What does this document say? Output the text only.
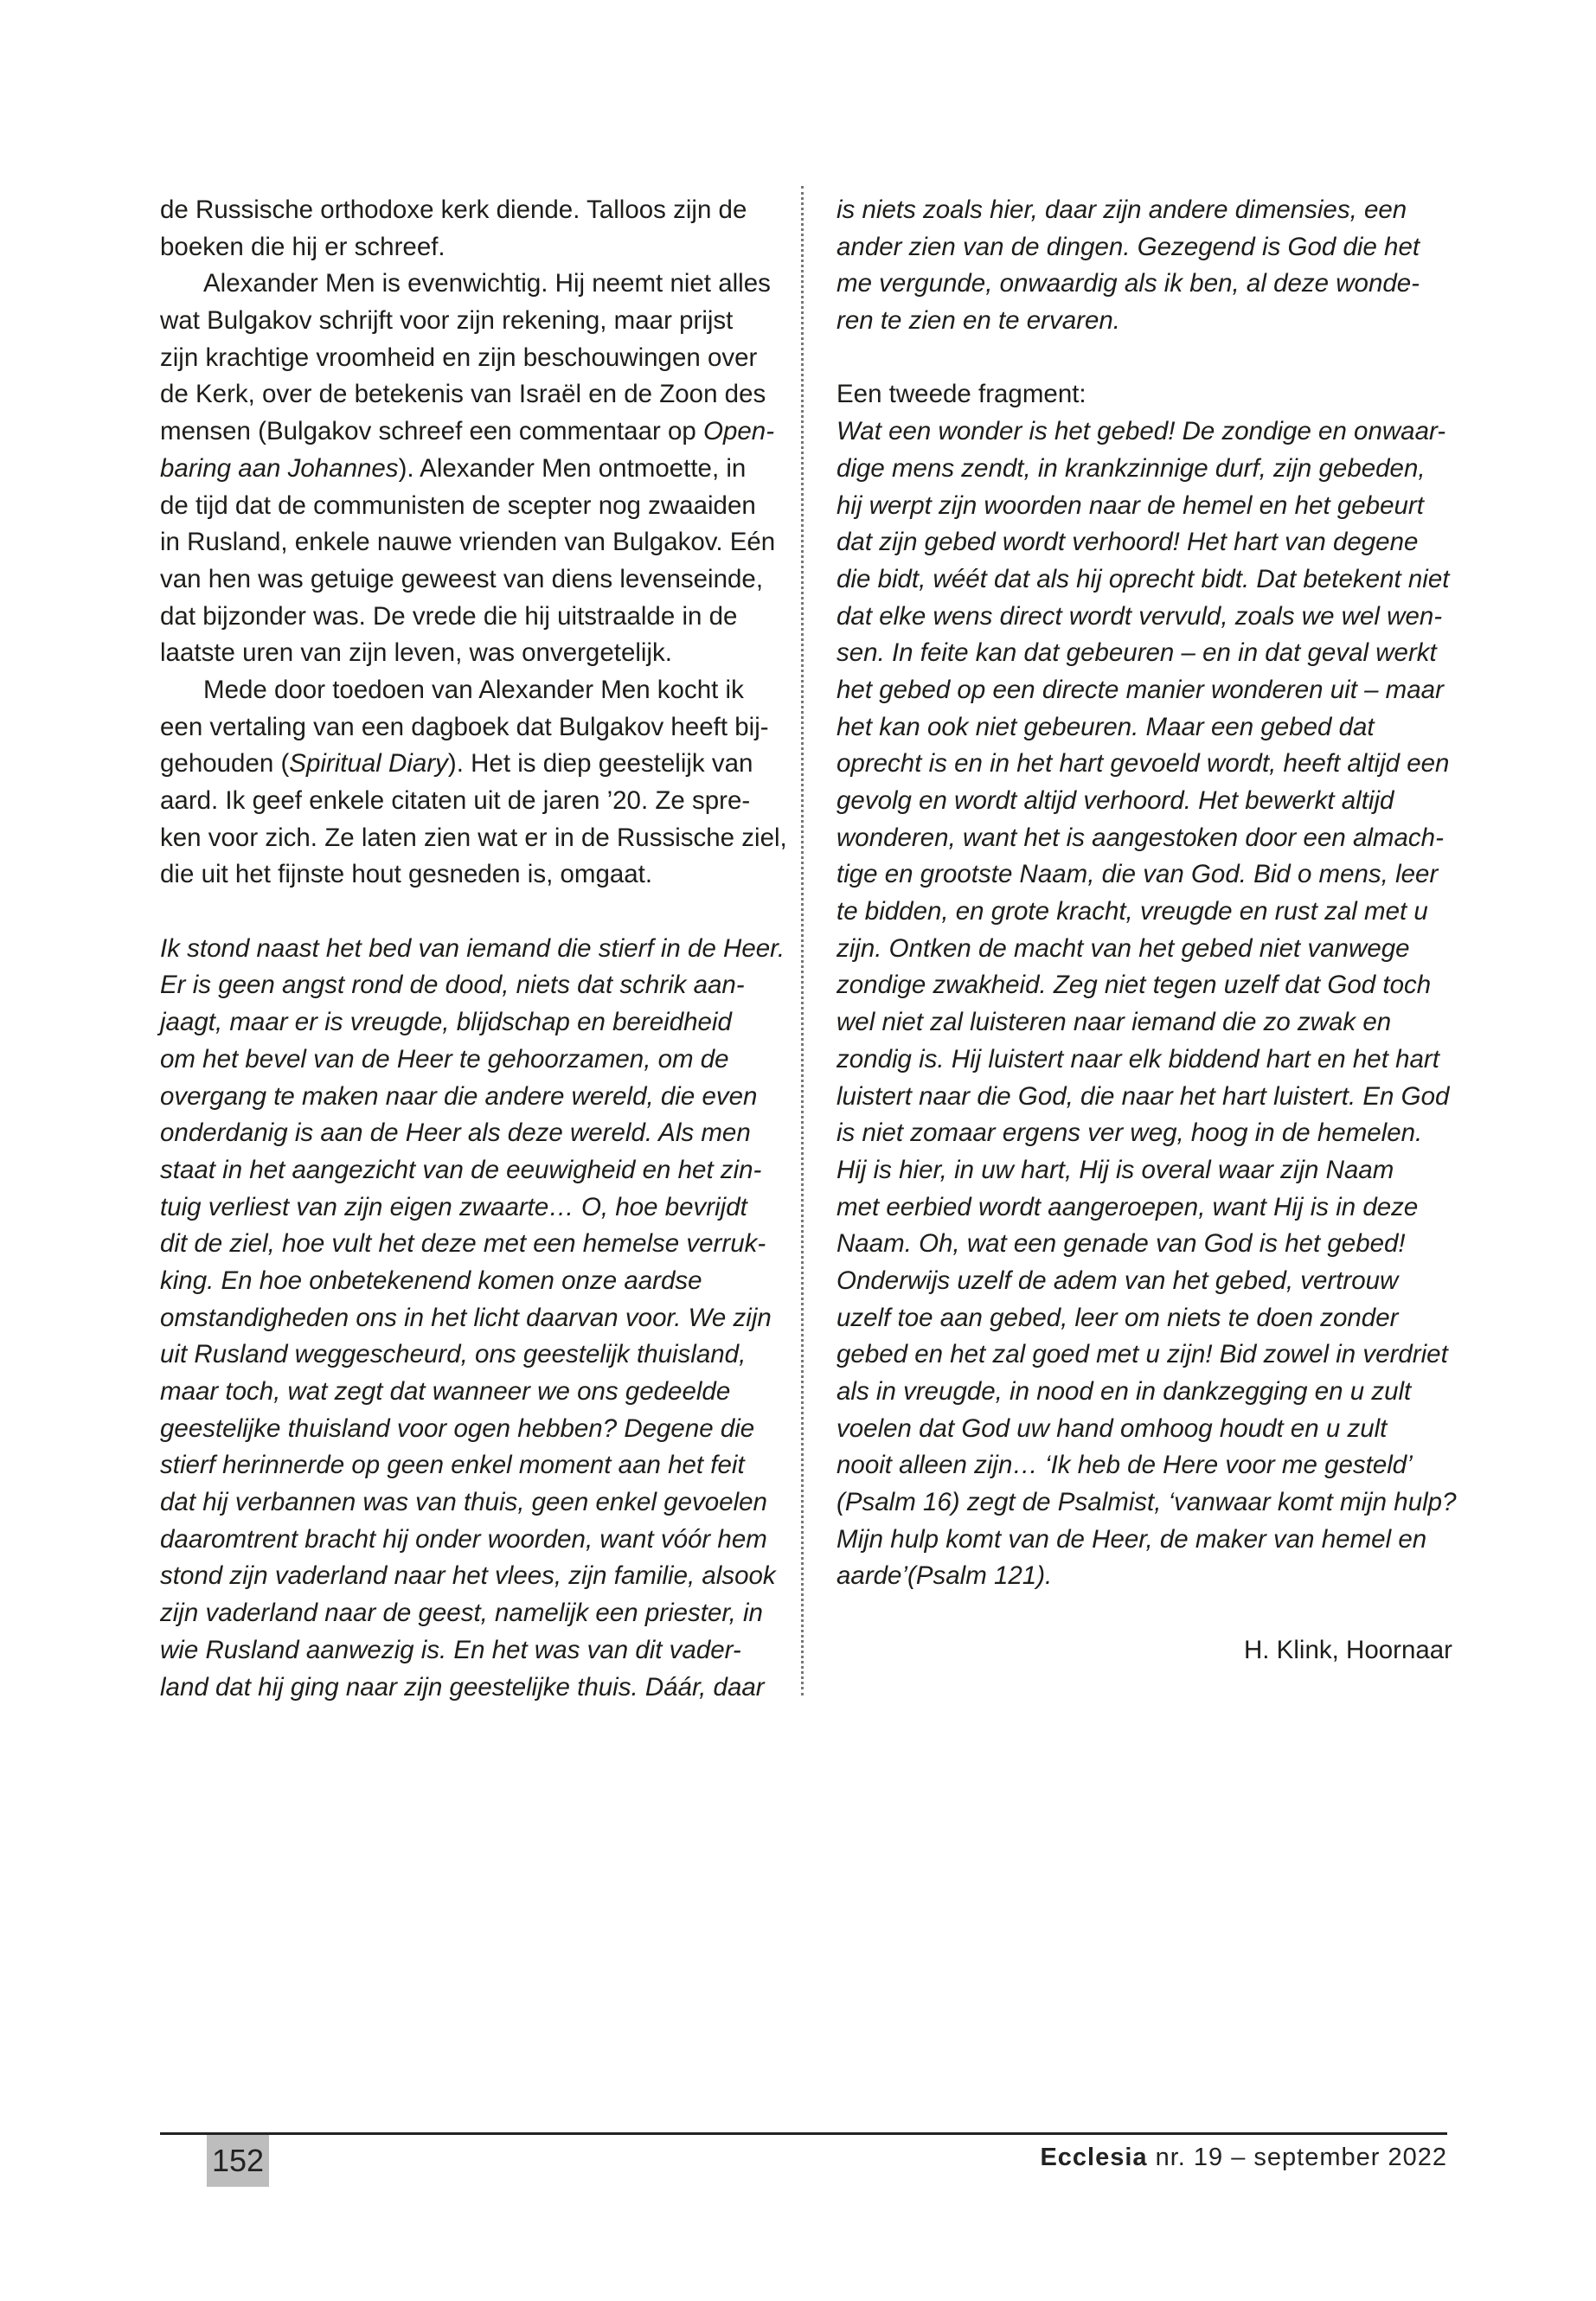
de Russische orthodoxe kerk diende. Talloos zijn de
boeken die hij er schreef.
Alexander Men is evenwichtig. Hij neemt niet alles
wat Bulgakov schrijft voor zijn rekening, maar prijst
zijn krachtige vroomheid en zijn beschouwingen over
de Kerk, over de betekenis van Israël en de Zoon des
mensen (Bulgakov schreef een commentaar op Open-
baring aan Johannes). Alexander Men ontmoette, in
de tijd dat de communisten de scepter nog zwaaiden
in Rusland, enkele nauwe vrienden van Bulgakov. Eén
van hen was getuige geweest van diens levenseinde,
dat bijzonder was. De vrede die hij uitstraalde in de
laatste uren van zijn leven, was onvergetelijk.
Mede door toedoen van Alexander Men kocht ik
een vertaling van een dagboek dat Bulgakov heeft bij-
gehouden (Spiritual Diary). Het is diep geestelijk van
aard. Ik geef enkele citaten uit de jaren ’20. Ze spre-
ken voor zich. Ze laten zien wat er in de Russische ziel,
die uit het fijnste hout gesneden is, omgaat.
Ik stond naast het bed van iemand die stierf in de Heer.
Er is geen angst rond de dood, niets dat schrik aan-
jaagt, maar er is vreugde, blijdschap en bereidheid
om het bevel van de Heer te gehoorzamen, om de
overgang te maken naar die andere wereld, die even
onderdanig is aan de Heer als deze wereld. Als men
staat in het aangezicht van de eeuwigheid en het zin-
tuig verliest van zijn eigen zwaarte… O, hoe bevrijdt
dit de ziel, hoe vult het deze met een hemelse verruk-
king. En hoe onbetekenend komen onze aardse
omstandigheden ons in het licht daarvan voor. We zijn
uit Rusland weggescheurd, ons geestelijk thuisland,
maar toch, wat zegt dat wanneer we ons gedeelde
geestelijke thuisland voor ogen hebben? Degene die
stierf herinnerde op geen enkel moment aan het feit
dat hij verbannen was van thuis, geen enkel gevoelen
daaromtrent bracht hij onder woorden, want vóór hem
stond zijn vaderland naar het vlees, zijn familie, alsook
zijn vaderland naar de geest, namelijk een priester, in
wie Rusland aanwezig is. En het was van dit vader-
land dat hij ging naar zijn geestelijke thuis. Dáár, daar
is niets zoals hier, daar zijn andere dimensies, een
ander zien van de dingen. Gezegend is God die het
me vergunde, onwaardig als ik ben, al deze wonde-
ren te zien en te ervaren.
Een tweede fragment:
Wat een wonder is het gebed! De zondige en onwaar-
dige mens zendt, in krankzinnige durf, zijn gebeden,
hij werpt zijn woorden naar de hemel en het gebeurt
dat zijn gebed wordt verhoord! Het hart van degene
die bidt, wéét dat als hij oprecht bidt. Dat betekent niet
dat elke wens direct wordt vervuld, zoals we wel wen-
sen. In feite kan dat gebeuren – en in dat geval werkt
het gebed op een directe manier wonderen uit – maar
het kan ook niet gebeuren. Maar een gebed dat
oprecht is en in het hart gevoeld wordt, heeft altijd een
gevolg en wordt altijd verhoord. Het bewerkt altijd
wonderen, want het is aangestoken door een almach-
tige en grootste Naam, die van God. Bid o mens, leer
te bidden, en grote kracht, vreugde en rust zal met u
zijn. Ontken de macht van het gebed niet vanwege
zondige zwakheid. Zeg niet tegen uzelf dat God toch
wel niet zal luisteren naar iemand die zo zwak en
zondig is. Hij luistert naar elk biddend hart en het hart
luistert naar die God, die naar het hart luistert. En God
is niet zomaar ergens ver weg, hoog in de hemelen.
Hij is hier, in uw hart, Hij is overal waar zijn Naam
met eerbied wordt aangeroepen, want Hij is in deze
Naam. Oh, wat een genade van God is het gebed!
Onderwijs uzelf de adem van het gebed, vertrouw
uzelf toe aan gebed, leer om niets te doen zonder
gebed en het zal goed met u zijn! Bid zowel in verdriet
als in vreugde, in nood en in dankzegging en u zult
voelen dat God uw hand omhoog houdt en u zult
nooit alleen zijn… ‘Ik heb de Here voor me gesteld’
(Psalm 16) zegt de Psalmist, ‘vanwaar komt mijn hulp?
Mijn hulp komt van de Heer, de maker van hemel en
aarde’(Psalm 121).
H. Klink, Hoornaar
152	Ecclesia nr. 19 – september 2022
